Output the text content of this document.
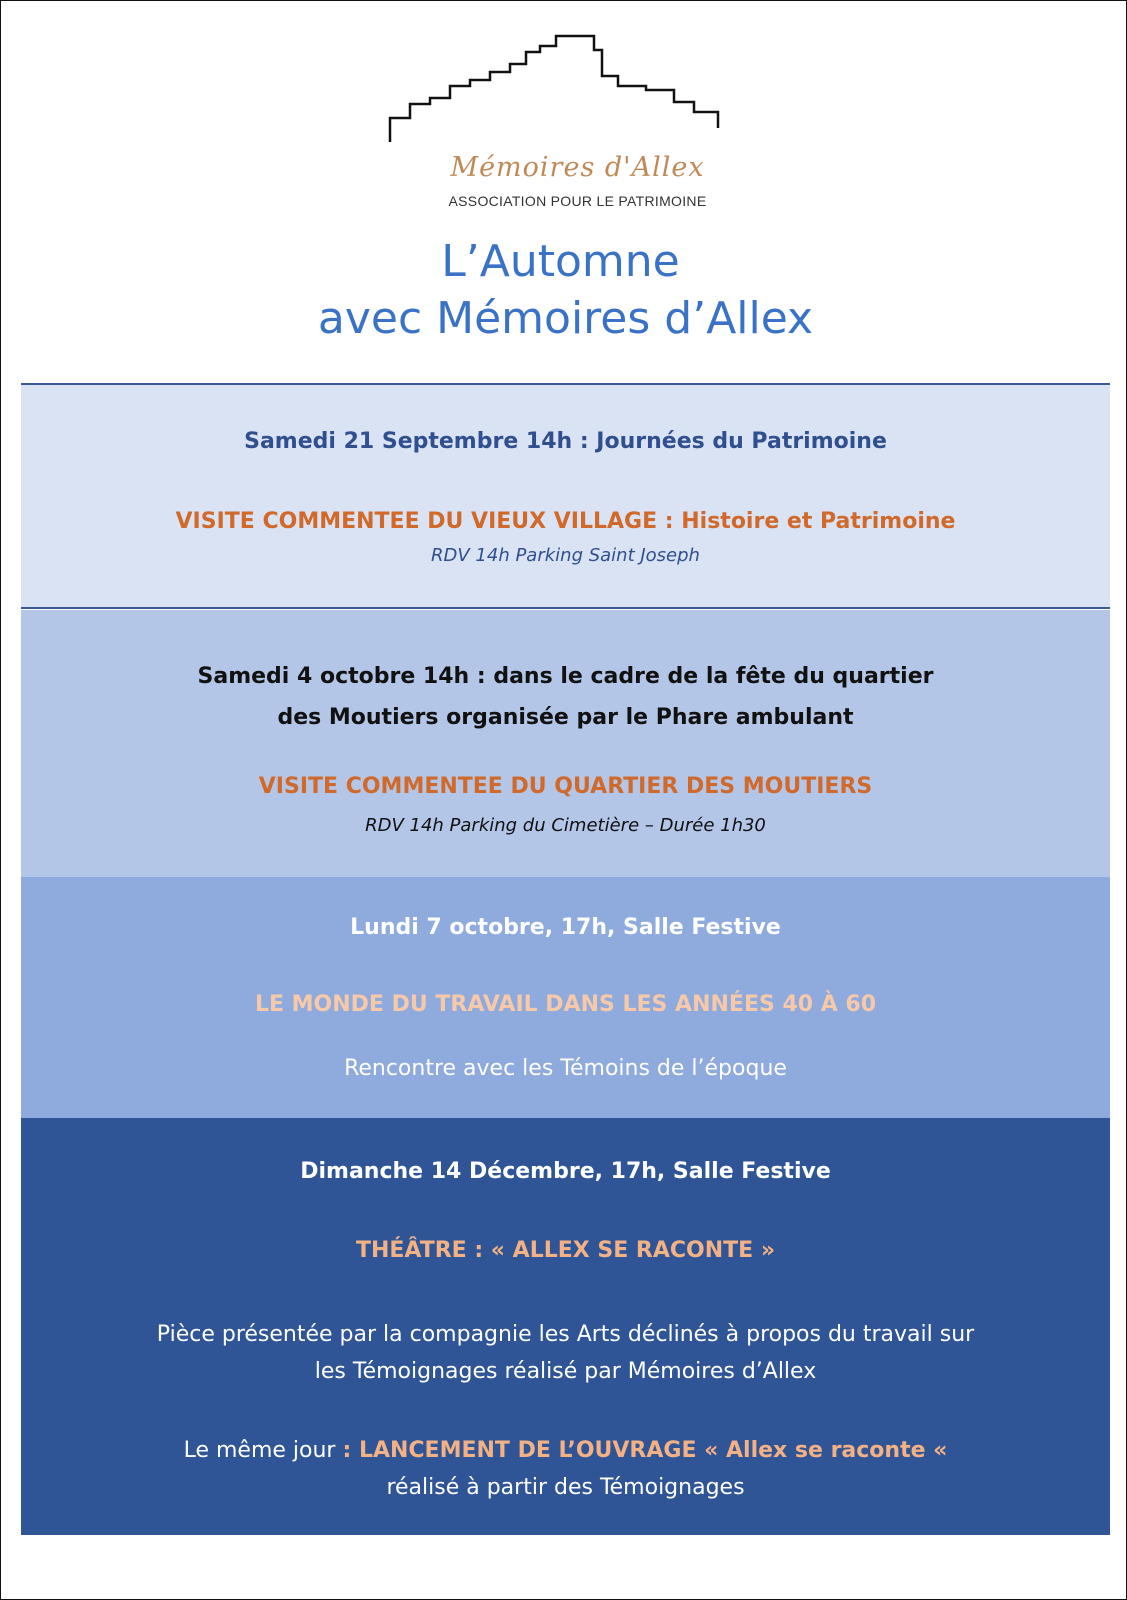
Mémoires d'Allex
ASSOCIATION POUR LE PATRIMOINE
L’Automne
avec Mémoires d’Allex

Samedi 21 Septembre 14h : Journées du Patrimoine

VISITE COMMENTEE DU VIEUX VILLAGE : Histoire et Patrimoine

RDV 14h Parking Saint Joseph

Samedi 4 octobre 14h : dans le cadre de la fête du quartier
des Moutiers organisée par le Phare ambulant

VISITE COMMENTEE DU QUARTIER DES MOUTIERS

RDV 14h Parking du Cimetière – Durée 1h30

Lundi 7 octobre, 17h, Salle Festive

LE MONDE DU TRAVAIL DANS LES ANNÉES 40 À 60

Rencontre avec les Témoins de l’époque

Dimanche 14 Décembre, 17h, Salle Festive

THÉÂTRE : « ALLEX SE RACONTE »

Pièce présentée par la compagnie les Arts déclinés à propos du travail sur
les Témoignages réalisé par Mémoires d’Allex

Le même jour : LANCEMENT DE L’OUVRAGE « Allex se raconte «
réalisé à partir des Témoignages
